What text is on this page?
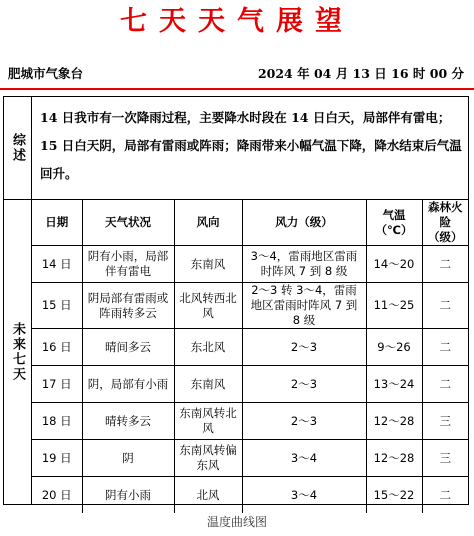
七天天气展望
肥城市气象台	2024 年 04 月 13 日 16 时 00 分
综述
14 日我市有一次降雨过程，主要降水时段在 14 日白天，局部伴有雷电；15 日白天阴，局部有雷雨或阵雨；降雨带来小幅气温下降，降水结束后气温回升。
未来七天
日期	天气状况	风向	风力（级）	气温（℃）	森林火险（级）
14 日	阴有小雨，局部伴有雷电	东南风	3～4，雷雨地区雷雨时阵风 7 到 8 级	14～20	二
15 日	阴局部有雷雨或阵雨转多云	北风转西北风	2～3 转 3～4，雷雨地区雷雨时阵风 7 到 8 级	11～25	二
16 日	晴间多云	东北风	2～3	9～26	二
17 日	阴，局部有小雨	东南风	2～3	13～24	二
18 日	晴转多云	东南风转北风	2～3	12～28	三
19 日	阴	东南风转偏东风	3～4	12～28	三
20 日	阴有小雨	北风	3～4	15～22	二
温度曲线图
